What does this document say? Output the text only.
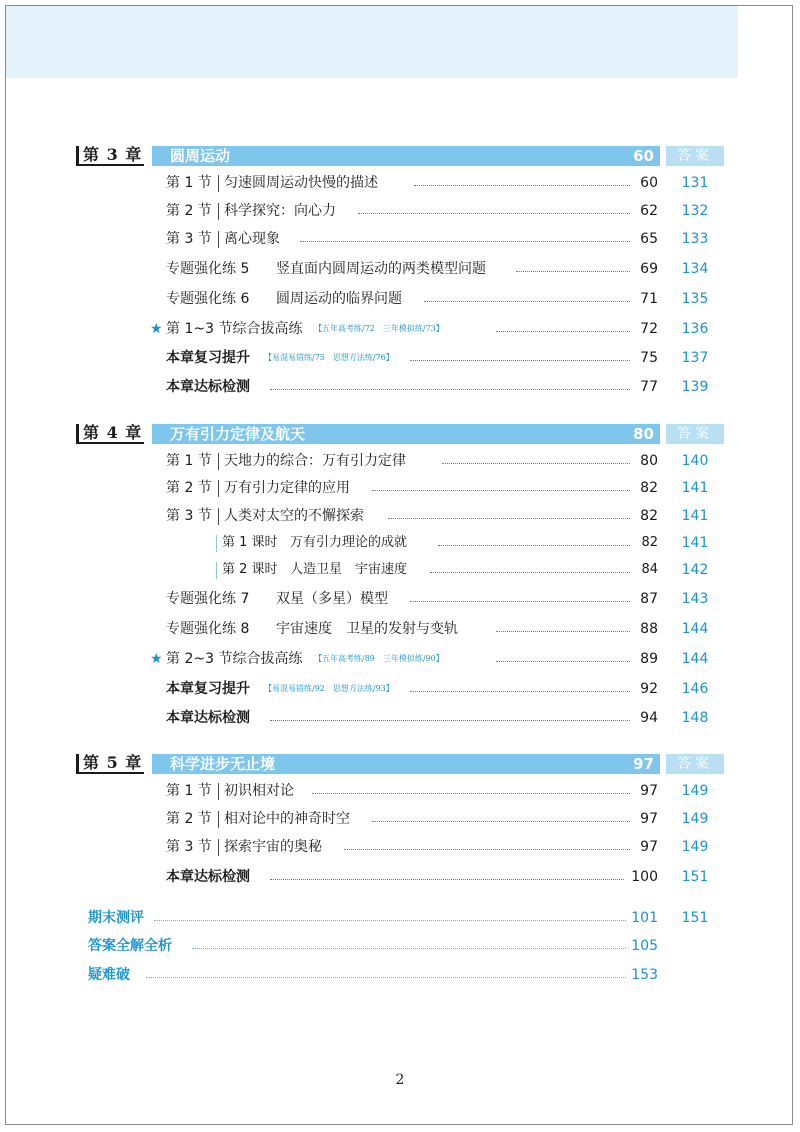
第 3 章 圆周运动	60	答案
第 1 节 匀速圆周运动快慢的描述	60	131
第 2 节 科学探究：向心力	62	132
第 3 节 离心现象	65	133
专题强化练 5 竖直面内圆周运动的两类模型问题	69	134
专题强化练 6 圆周运动的临界问题	71	135
★ 第 1~3 节综合拔高练 【五年高考练/72　三年模拟练/73】	72	136
本章复习提升 【易混易错练/75　思想方法练/76】	75	137
本章达标检测	77	139
第 4 章 万有引力定律及航天	80	答案
第 1 节 天地力的综合：万有引力定律	80	140
第 2 节 万有引力定律的应用	82	141
第 3 节 人类对太空的不懈探索	82	141
第 1 课时 万有引力理论的成就	82	141
第 2 课时 人造卫星　宇宙速度	84	142
专题强化练 7 双星（多星）模型	87	143
专题强化练 8 宇宙速度　卫星的发射与变轨	88	144
★ 第 2~3 节综合拔高练 【五年高考练/89　三年模拟练/90】	89	144
本章复习提升 【易混易错练/92　思想方法练/93】	92	146
本章达标检测	94	148
第 5 章 科学进步无止境	97	答案
第 1 节 初识相对论	97	149
第 2 节 相对论中的神奇时空	97	149
第 3 节 探索宇宙的奥秘	97	149
本章达标检测	100	151
期末测评	101	151
答案全解全析	105
疑难破	153
2
